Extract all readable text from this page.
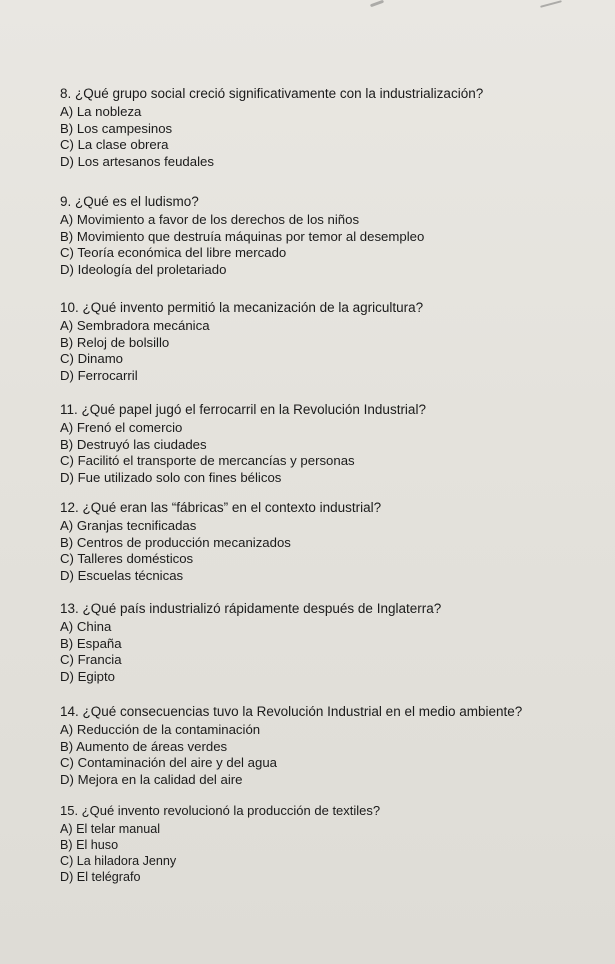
8. ¿Qué grupo social creció significativamente con la industrialización?

A) La nobleza

B) Los campesinos

C) La clase obrera

D) Los artesanos feudales

9. ¿Qué es el ludismo?

A) Movimiento a favor de los derechos de los niños

B) Movimiento que destruía máquinas por temor al desempleo

C) Teoría económica del libre mercado

D) Ideología del proletariado

10. ¿Qué invento permitió la mecanización de la agricultura?

A) Sembradora mecánica

B) Reloj de bolsillo

C) Dinamo

D) Ferrocarril

11. ¿Qué papel jugó el ferrocarril en la Revolución Industrial?

A) Frenó el comercio

B) Destruyó las ciudades

C) Facilitó el transporte de mercancías y personas

D) Fue utilizado solo con fines bélicos

12. ¿Qué eran las “fábricas” en el contexto industrial?

A) Granjas tecnificadas

B) Centros de producción mecanizados

C) Talleres domésticos

D) Escuelas técnicas

13. ¿Qué país industrializó rápidamente después de Inglaterra?

A) China

B) España

C) Francia

D) Egipto

14. ¿Qué consecuencias tuvo la Revolución Industrial en el medio ambiente?

A) Reducción de la contaminación

B) Aumento de áreas verdes

C) Contaminación del aire y del agua

D) Mejora en la calidad del aire

15. ¿Qué invento revolucionó la producción de textiles?

A) El telar manual

B) El huso

C) La hiladora Jenny

D) El telégrafo
